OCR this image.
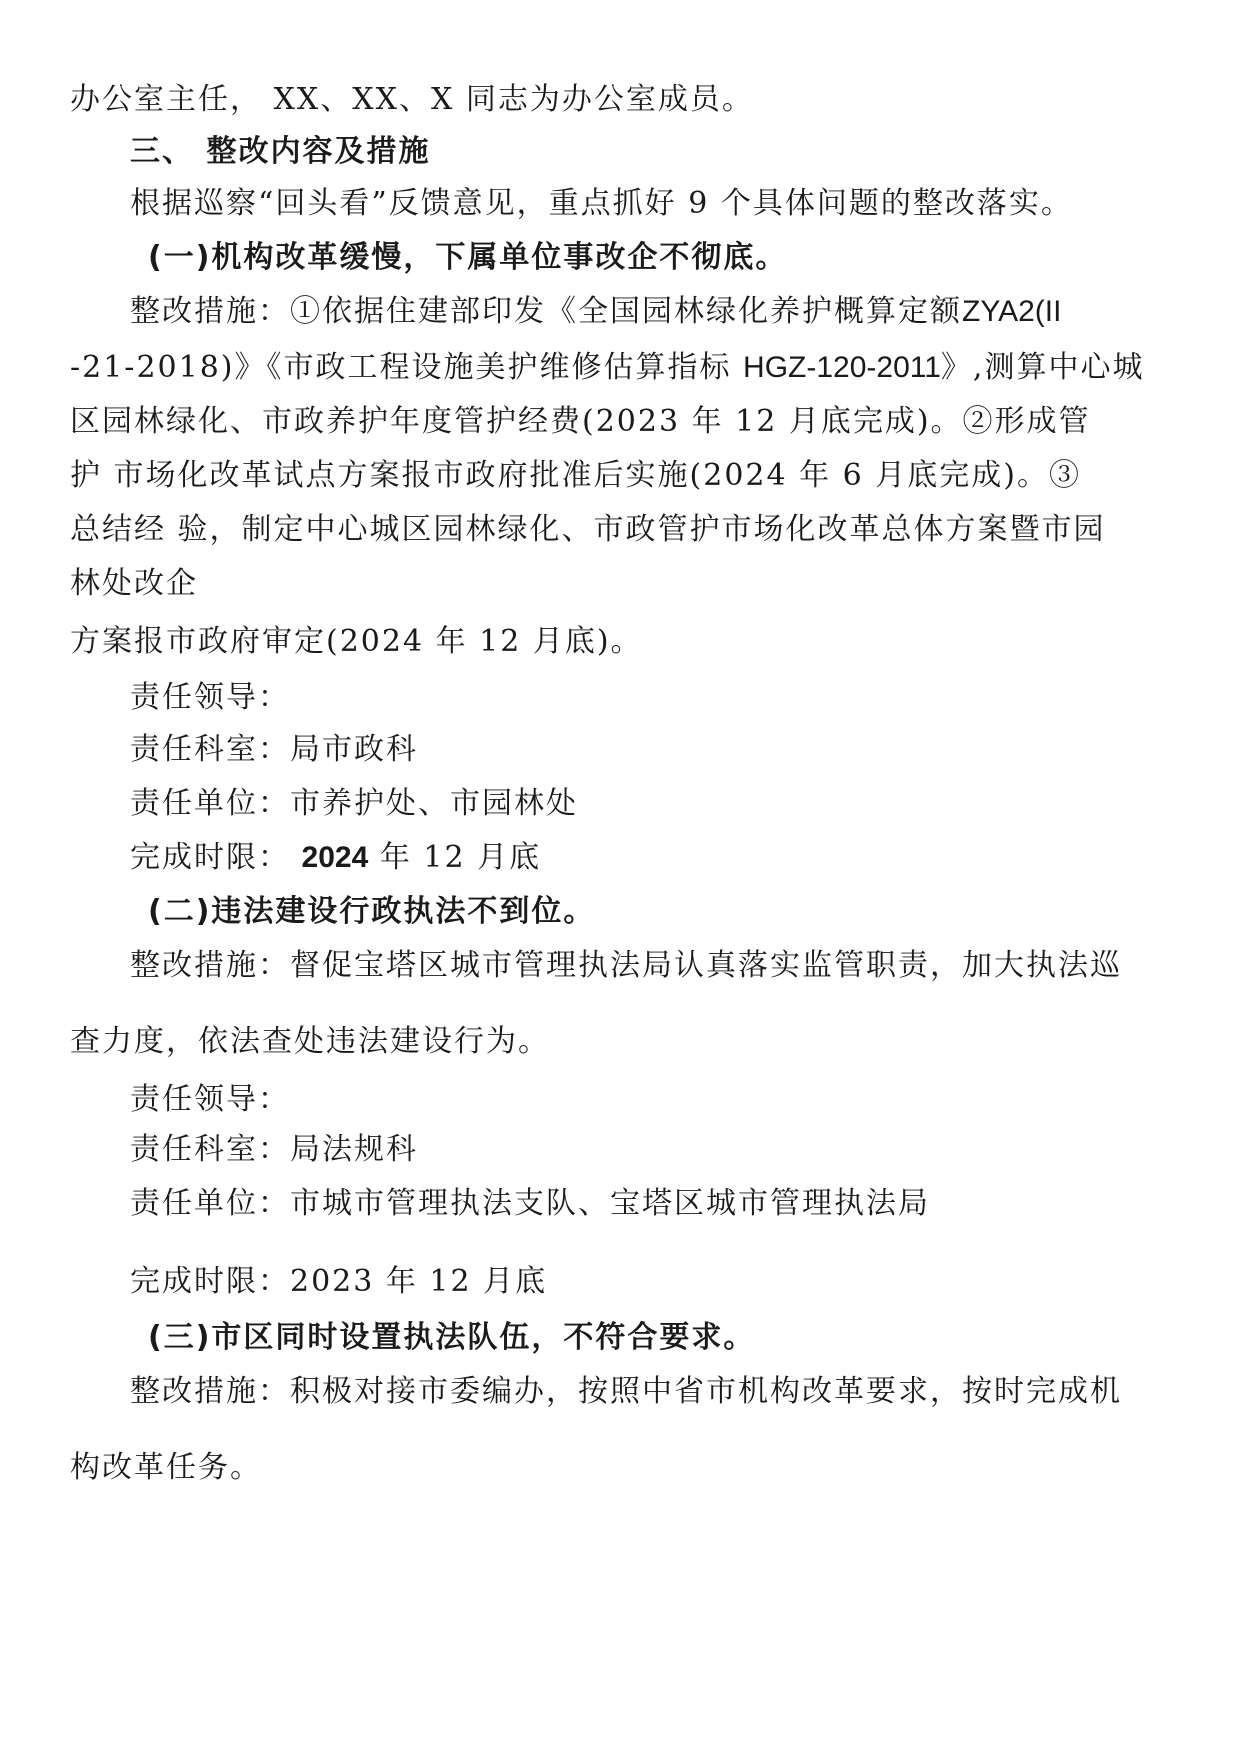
办公室主任， XX、XX、X 同志为办公室成员。
三、 整改内容及措施
根据巡察“回头看”反馈意见，重点抓好 9 个具体问题的整改落实。
(一)机构改革缓慢，下属单位事改企不彻底。
整改措施：①依据住建部印发《全国园林绿化养护概算定额ZYA2(II
-21-2018)》《市政工程设施美护维修估算指标 HGZ-120-2011》,测算中心城
区园林绿化、市政养护年度管护经费(2023 年 12 月底完成)。②形成管
护 市场化改革试点方案报市政府批准后实施(2024 年 6 月底完成)。③
总结经 验，制定中心城区园林绿化、市政管护市场化改革总体方案暨市园
林处改企
方案报市政府审定(2024 年 12 月底)。
责任领导：
责任科室：局市政科
责任单位：市养护处、市园林处
完成时限： 2024 年 12 月底
(二)违法建设行政执法不到位。
整改措施：督促宝塔区城市管理执法局认真落实监管职责，加大执法巡
查力度，依法查处违法建设行为。
责任领导：
责任科室：局法规科
责任单位：市城市管理执法支队、宝塔区城市管理执法局
完成时限：2023 年 12 月底
(三)市区同时设置执法队伍，不符合要求。
整改措施：积极对接市委编办，按照中省市机构改革要求，按时完成机
构改革任务。
